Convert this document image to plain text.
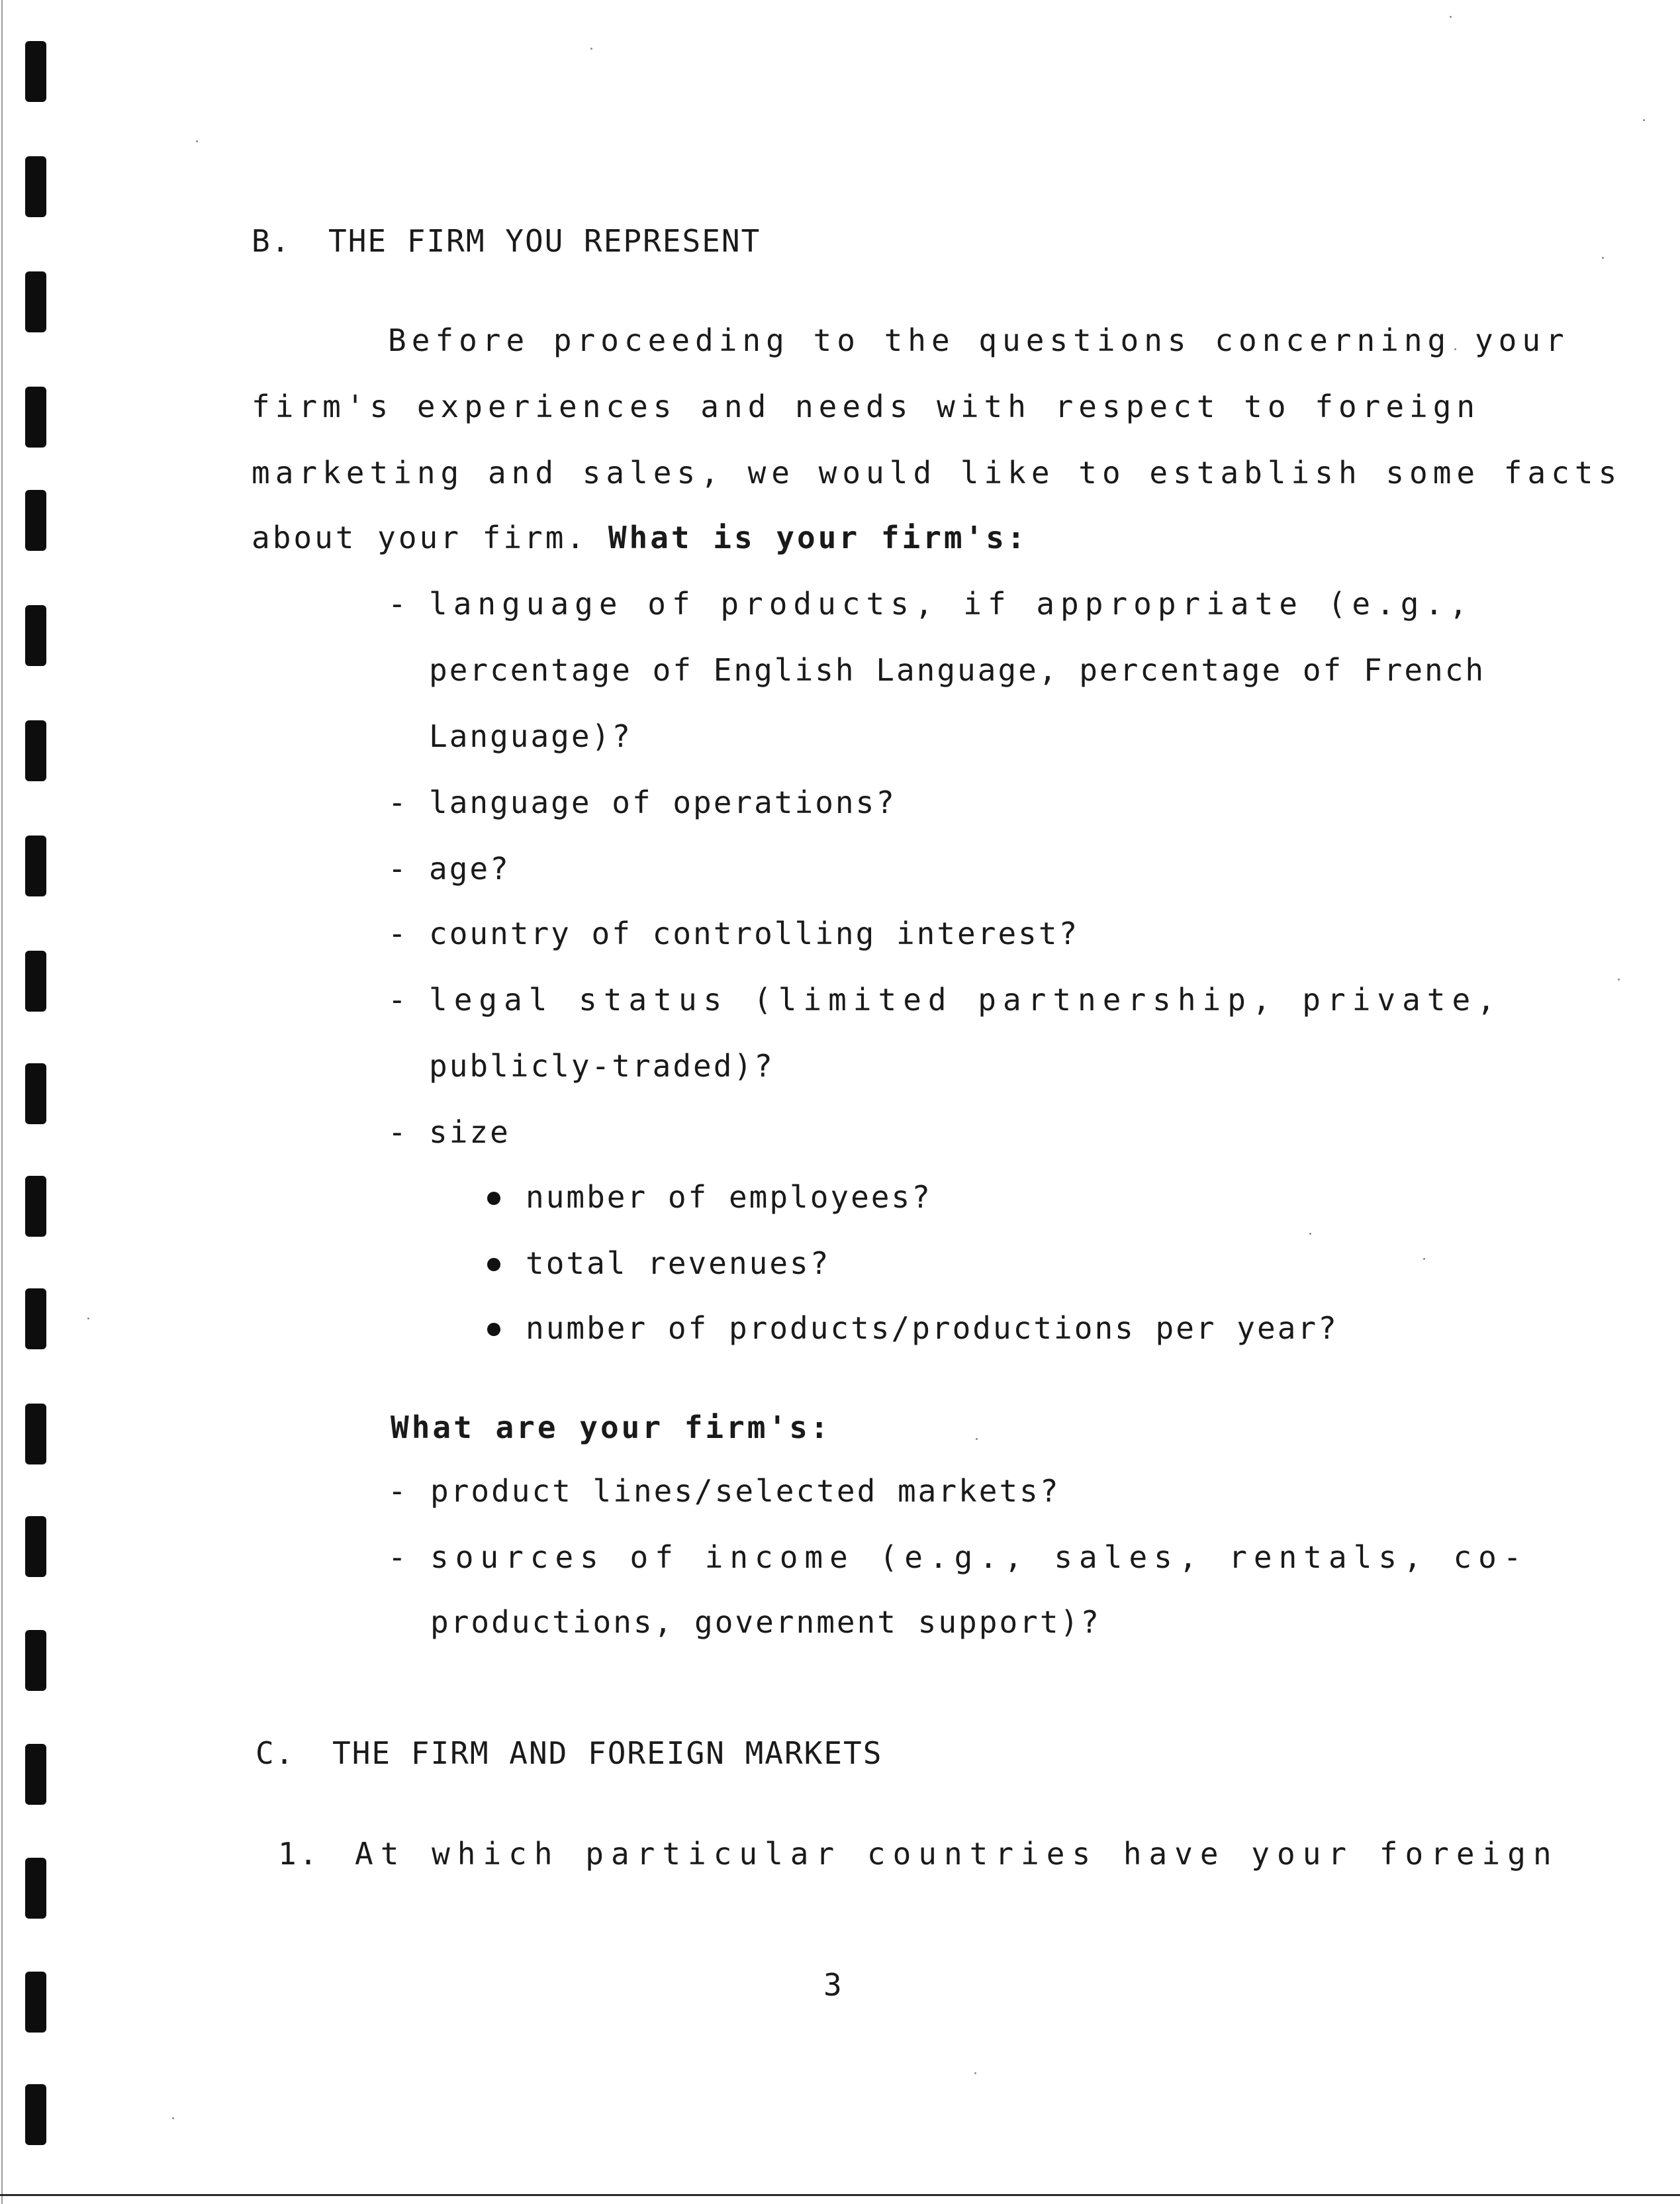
B. THE FIRM YOU REPRESENT
Before proceeding to the questions concerning your
firm's experiences and needs with respect to foreign
marketing and sales, we would like to establish some facts
about your firm. What is your firm's:
- language of products, if appropriate (e.g.,
percentage of English Language, percentage of French
Language)?
- language of operations?
- age?
- country of controlling interest?
- legal status (limited partnership, private,
publicly-traded)?
- size
number of employees?
total revenues?
number of products/productions per year?
What are your firm's:
- product lines/selected markets?
- sources of income (e.g., sales, rentals, co-
productions, government support)?
C. THE FIRM AND FOREIGN MARKETS
1. At which particular countries have your foreign
3
